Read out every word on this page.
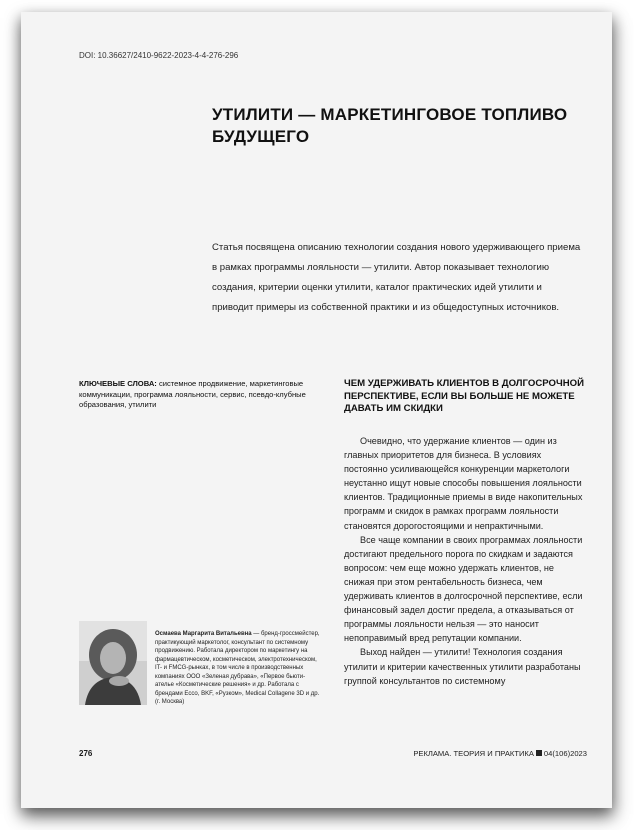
DOI: 10.36627/2410-9622-2023-4-4-276-296
УТИЛИТИ — МАРКЕТИНГОВОЕ ТОПЛИВО БУДУЩЕГО
Статья посвящена описанию технологии создания нового удерживающего приема в рамках программы лояльности — утилити. Автор показывает технологию создания, критерии оценки утилити, каталог практических идей утилити и приводит примеры из собственной практики и из общедоступных источников.
КЛЮЧЕВЫЕ СЛОВА: системное продвижение, маркетинговые коммуникации, программа лояльности, сервис, псевдо-клубные образования, утилити
ЧЕМ УДЕРЖИВАТЬ КЛИЕНТОВ В ДОЛГОСРОЧНОЙ ПЕРСПЕКТИВЕ, ЕСЛИ ВЫ БОЛЬШЕ НЕ МОЖЕТЕ ДАВАТЬ ИМ СКИДКИ

Очевидно, что удержание клиентов — один из главных приоритетов для бизнеса. В условиях постоянно усиливающейся конкуренции маркетологи неустанно ищут новые способы повышения лояльности клиентов. Традиционные приемы в виде накопительных программ и скидок в рамках программ лояльности становятся дорогостоящими и непрактичными.

Все чаще компании в своих программах лояльности достигают предельного порога по скидкам и задаются вопросом: чем еще можно удержать клиентов, не снижая при этом рентабельность бизнеса, чем удерживать клиентов в долгосрочной перспективе, если финансовый задел достиг предела, а отказываться от программы лояльности нельзя — это наносит непоправимый вред репутации компании.

Выход найден — утилити! Технология создания утилити и критерии качественных утилити разработаны группой консультантов по системному

Осмаева Маргарита Витальевна — бренд-гроссмейстер, практикующий маркетолог, консультант по системному продвижению. Работала директором по маркетингу на фармацевтическом, косметическом, электротехническом, IT- и FMCG-рынках, в том числе в производственных компаниях ООО «Зеленая дубрава», «Первое бьюти-ателье «Косметические решения» и др. Работала с брендами Ecco, BKF, «Рузком», Medical Collagene 3D и др. (г. Москва)
276	РЕКЛАМА. ТЕОРИЯ И ПРАКТИКА 04(106)2023
